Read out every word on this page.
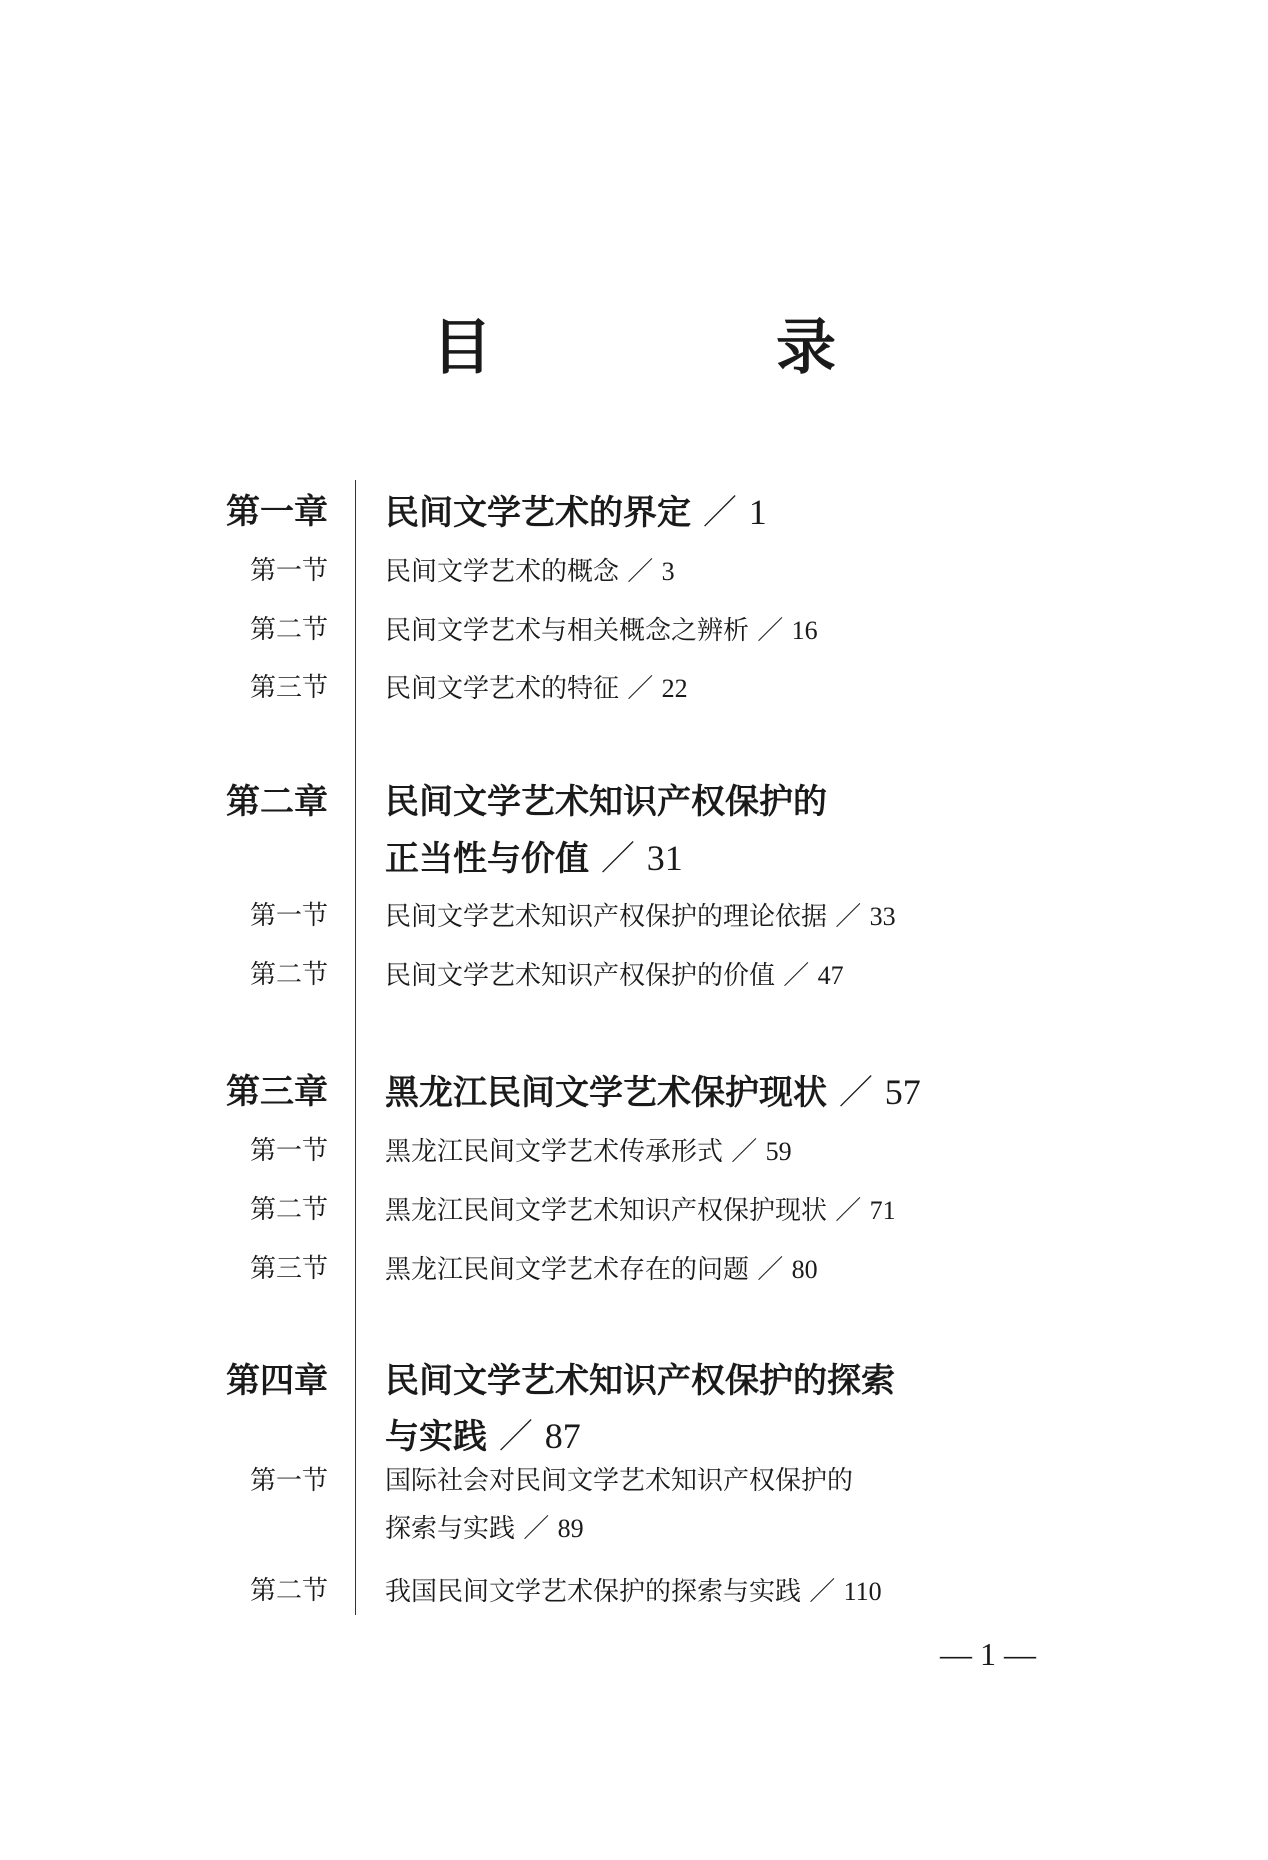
目　录
第一章 民间文学艺术的界定 ／ 1
第一节 民间文学艺术的概念 ／ 3
第二节 民间文学艺术与相关概念之辨析 ／ 16
第三节 民间文学艺术的特征 ／ 22
第二章 民间文学艺术知识产权保护的
正当性与价值 ／ 31
第一节 民间文学艺术知识产权保护的理论依据 ／ 33
第二节 民间文学艺术知识产权保护的价值 ／ 47
第三章 黑龙江民间文学艺术保护现状 ／ 57
第一节 黑龙江民间文学艺术传承形式 ／ 59
第二节 黑龙江民间文学艺术知识产权保护现状 ／ 71
第三节 黑龙江民间文学艺术存在的问题 ／ 80
第四章 民间文学艺术知识产权保护的探索
与实践 ／ 87
第一节 国际社会对民间文学艺术知识产权保护的
探索与实践 ／ 89
第二节 我国民间文学艺术保护的探索与实践 ／ 110
— 1 —
